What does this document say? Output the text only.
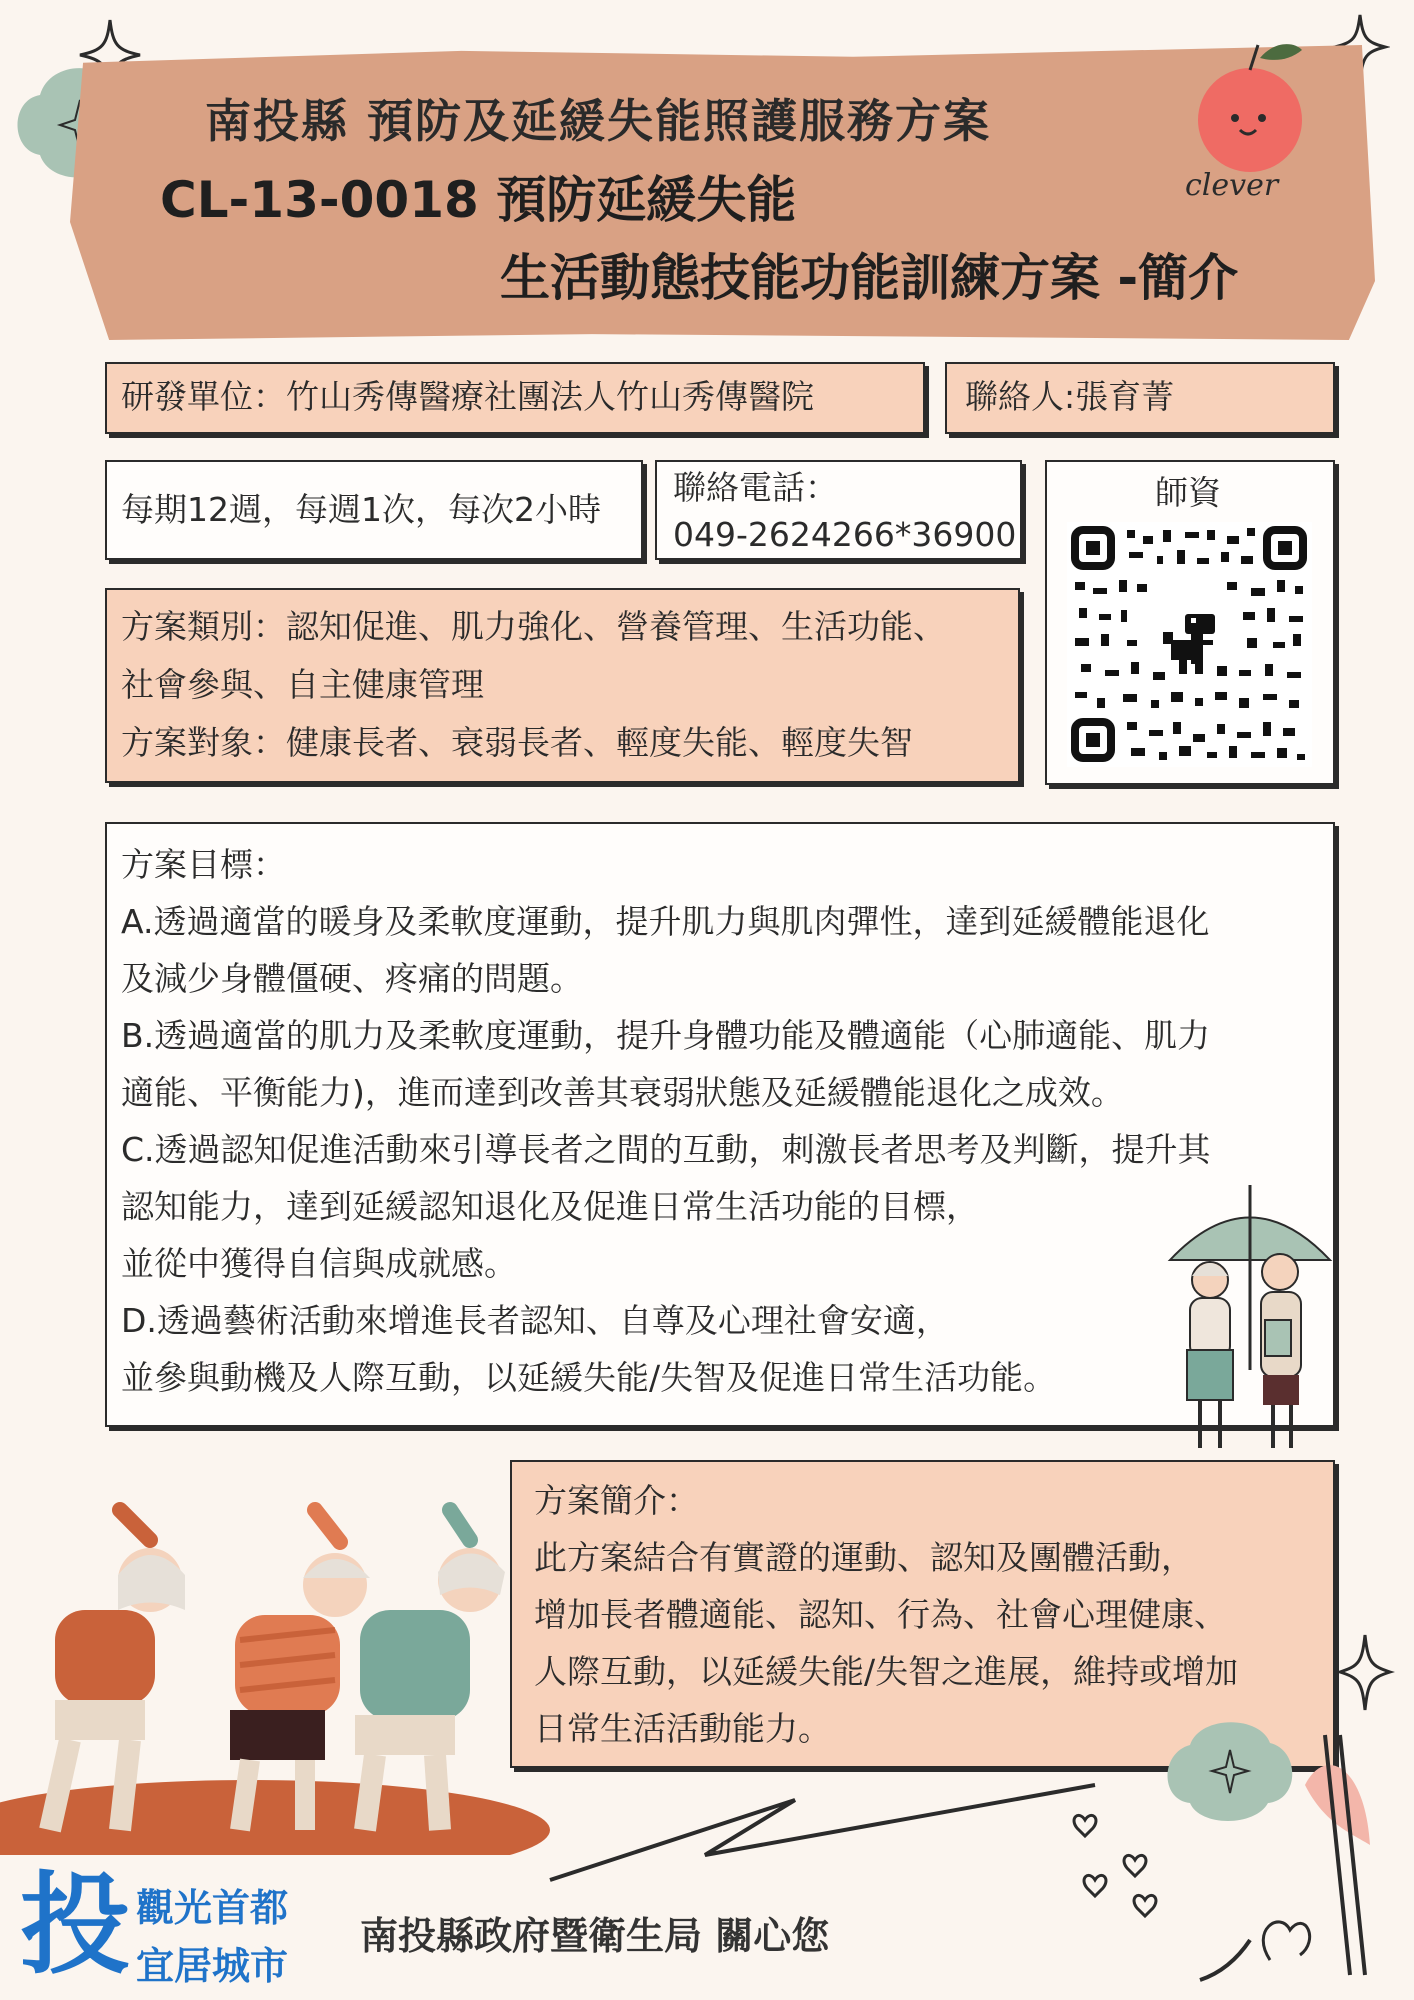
南投縣 預防及延緩失能照護服務方案
CL-13-0018 預防延緩失能
生活動態技能功能訓練方案 -簡介
clever
研發單位：竹山秀傳醫療社團法人竹山秀傳醫院	聯絡人:張育菁
每期12週，每週1次，每次2小時
聯絡電話：
049-2624266*36900
師資
方案類別：認知促進、肌力強化、營養管理、生活功能、
社會參與、自主健康管理
方案對象：健康長者、衰弱長者、輕度失能、輕度失智

方案目標：

A.透過適當的暖身及柔軟度運動，提升肌力與肌肉彈性，達到延緩體能退化

及減少身體僵硬、疼痛的問題。

B.透過適當的肌力及柔軟度運動，提升身體功能及體適能（心肺適能、肌力

適能、平衡能力)，進而達到改善其衰弱狀態及延緩體能退化之成效。

C.透過認知促進活動來引導長者之間的互動，刺激長者思考及判斷，提升其

認知能力，達到延緩認知退化及促進日常生活功能的目標，

並從中獲得自信與成就感。

D.透過藝術活動來增進長者認知、自尊及心理社會安適，

並參與動機及人際互動，以延緩失能/失智及促進日常生活功能。

方案簡介：

此方案結合有實證的運動、認知及團體活動，

增加長者體適能、認知、行為、社會心理健康、

人際互動，以延緩失能/失智之進展，維持或增加

日常生活活動能力。

投 觀光首都
宜居城市
南投縣政府暨衛生局 關心您
